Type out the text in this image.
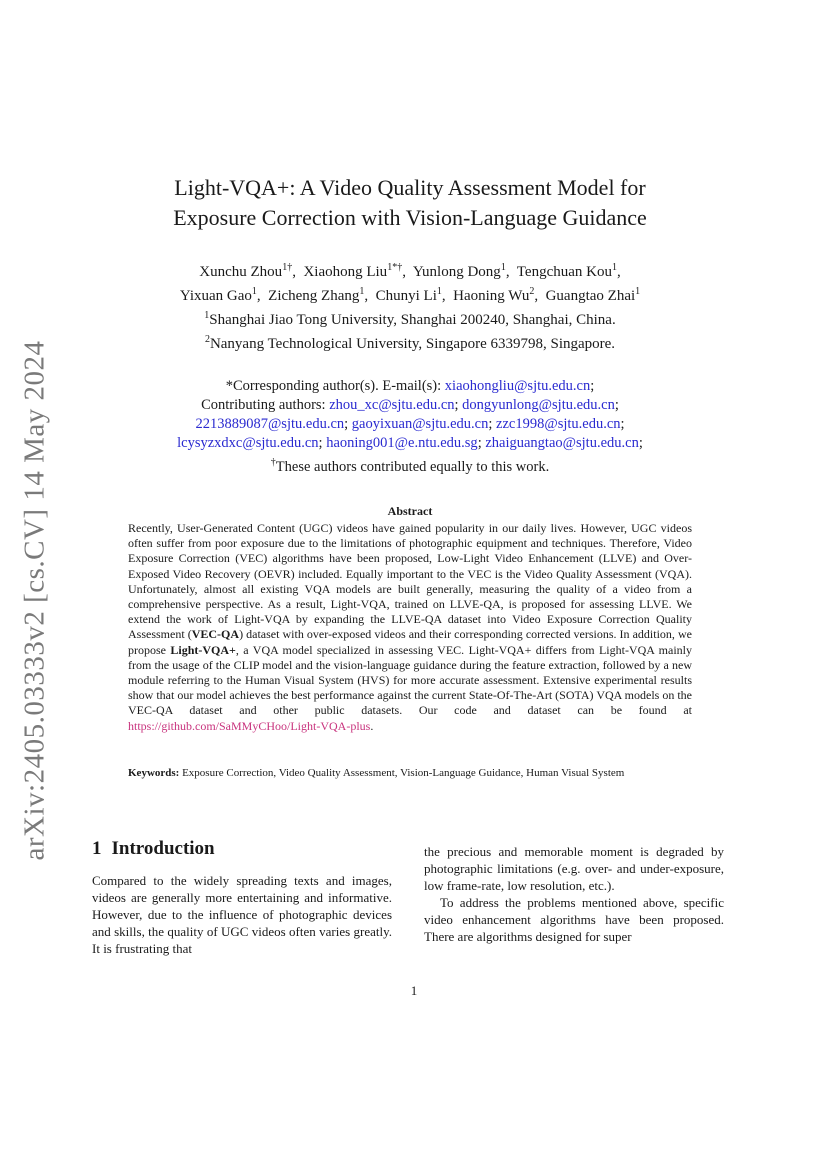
arXiv:2405.03333v2 [cs.CV] 14 May 2024
Light-VQA+: A Video Quality Assessment Model for
Exposure Correction with Vision-Language Guidance
Xunchu Zhou$^{1\dagger}$,  Xiaohong Liu$^{1*\dagger}$,  Yunlong Dong$^1$,  Tengchuan Kou$^1$,
Yixuan Gao$^1$,  Zicheng Zhang$^1$,  Chunyi Li$^1$,  Haoning Wu$^2$,  Guangtao Zhai$^1$
$^1$Shanghai Jiao Tong University, Shanghai 200240, Shanghai, China.
$^2$Nanyang Technological University, Singapore 6339798, Singapore.
*Corresponding author(s). E-mail(s): xiaohongliu@sjtu.edu.cn;
Contributing authors: zhou_xc@sjtu.edu.cn; dongyunlong@sjtu.edu.cn;
2213889087@sjtu.edu.cn; gaoyixuan@sjtu.edu.cn; zzc1998@sjtu.edu.cn;
lcysyzxdxc@sjtu.edu.cn; haoning001@e.ntu.edu.sg; zhaiguangtao@sjtu.edu.cn;
†These authors contributed equally to this work.
Abstract
Recently, User-Generated Content (UGC) videos have gained popularity in our daily lives. However, UGC videos often suffer from poor exposure due to the limitations of photographic equipment and techniques. Therefore, Video Exposure Correction (VEC) algorithms have been proposed, Low-Light Video Enhancement (LLVE) and Over-Exposed Video Recovery (OEVR) included. Equally important to the VEC is the Video Quality Assessment (VQA). Unfortunately, almost all existing VQA models are built generally, measuring the quality of a video from a comprehensive perspective. As a result, Light-VQA, trained on LLVE-QA, is proposed for assessing LLVE. We extend the work of Light-VQA by expanding the LLVE-QA dataset into Video Exposure Correction Quality Assessment (VEC-QA) dataset with over-exposed videos and their corresponding corrected versions. In addition, we propose Light-VQA+, a VQA model specialized in assessing VEC. Light-VQA+ differs from Light-VQA mainly from the usage of the CLIP model and the vision-language guidance during the feature extraction, followed by a new module referring to the Human Visual System (HVS) for more accurate assessment. Extensive experimental results show that our model achieves the best performance against the current State-Of-The-Art (SOTA) VQA models on the VEC-QA dataset and other public datasets. Our code and dataset can be found at https://github.com/SaMMyCHoo/Light-VQA-plus.
Keywords: Exposure Correction, Video Quality Assessment, Vision-Language Guidance, Human Visual System
1 Introduction

Compared to the widely spreading texts and images, videos are generally more entertaining and informative. However, due to the influence of photographic devices and skills, the quality of UGC videos often varies greatly. It is frustrating that

the precious and memorable moment is degraded by photographic limitations (e.g. over- and under-exposure, low frame-rate, low resolution, etc.).

To address the problems mentioned above, specific video enhancement algorithms have been proposed. There are algorithms designed for super

1
